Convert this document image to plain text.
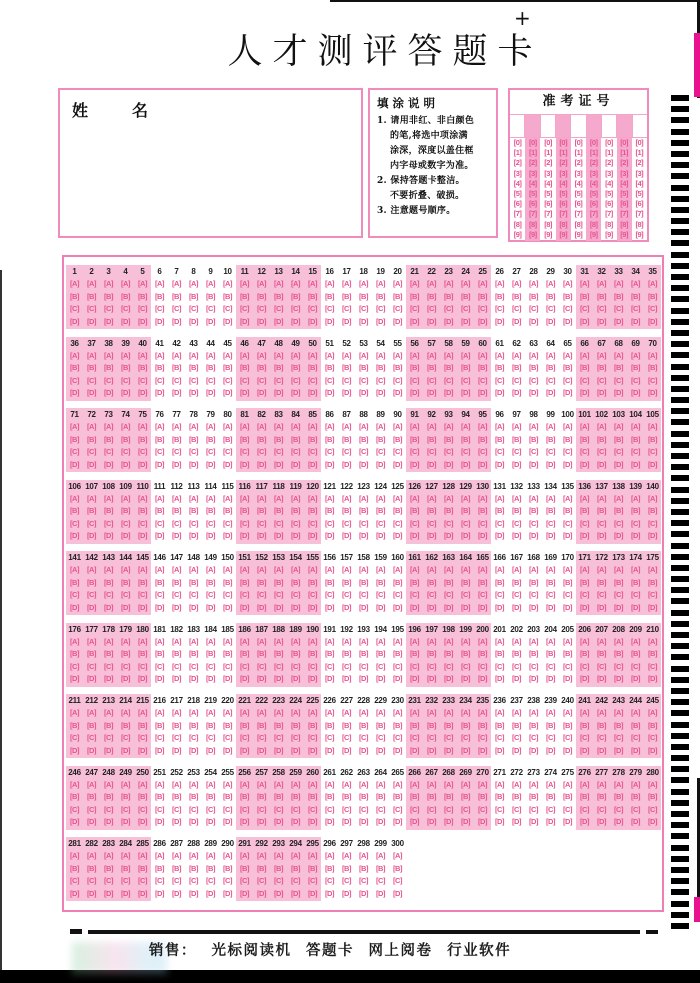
人才测评答题卡
+
姓	名	填涂说明
1. 请用非红、非白颜色
的笔,将选中项涂满
涂深，深度以盖住框
内字母或数字为准。
2. 保持答题卡整洁。
不要折叠、破损。
3. 注意题号顺序。
准考证号
[0]
[1]
[2]
[3]
[4]
[5]
[6]
[7]
[8]
[9]
[0]
[1]
[2]
[3]
[4]
[5]
[6]
[7]
[8]
[9]
[0]
[1]
[2]
[3]
[4]
[5]
[6]
[7]
[8]
[9]
[0]
[1]
[2]
[3]
[4]
[5]
[6]
[7]
[8]
[9]
[0]
[1]
[2]
[3]
[4]
[5]
[6]
[7]
[8]
[9]
[0]
[1]
[2]
[3]
[4]
[5]
[6]
[7]
[8]
[9]
[0]
[1]
[2]
[3]
[4]
[5]
[6]
[7]
[8]
[9]
[0]
[1]
[2]
[3]
[4]
[5]
[6]
[7]
[8]
[9]
[0]
[1]
[2]
[3]
[4]
[5]
[6]
[7]
[8]
[9]
1
[A]
[B]
[C]
[D]
2
[A]
[B]
[C]
[D]
3
[A]
[B]
[C]
[D]
4
[A]
[B]
[C]
[D]
5
[A]
[B]
[C]
[D]
6
[A]
[B]
[C]
[D]
7
[A]
[B]
[C]
[D]
8
[A]
[B]
[C]
[D]
9
[A]
[B]
[C]
[D]
10
[A]
[B]
[C]
[D]
11
[A]
[B]
[C]
[D]
12
[A]
[B]
[C]
[D]
13
[A]
[B]
[C]
[D]
14
[A]
[B]
[C]
[D]
15
[A]
[B]
[C]
[D]
16
[A]
[B]
[C]
[D]
17
[A]
[B]
[C]
[D]
18
[A]
[B]
[C]
[D]
19
[A]
[B]
[C]
[D]
20
[A]
[B]
[C]
[D]
21
[A]
[B]
[C]
[D]
22
[A]
[B]
[C]
[D]
23
[A]
[B]
[C]
[D]
24
[A]
[B]
[C]
[D]
25
[A]
[B]
[C]
[D]
26
[A]
[B]
[C]
[D]
27
[A]
[B]
[C]
[D]
28
[A]
[B]
[C]
[D]
29
[A]
[B]
[C]
[D]
30
[A]
[B]
[C]
[D]
31
[A]
[B]
[C]
[D]
32
[A]
[B]
[C]
[D]
33
[A]
[B]
[C]
[D]
34
[A]
[B]
[C]
[D]
35
[A]
[B]
[C]
[D]
36
[A]
[B]
[C]
[D]
37
[A]
[B]
[C]
[D]
38
[A]
[B]
[C]
[D]
39
[A]
[B]
[C]
[D]
40
[A]
[B]
[C]
[D]
41
[A]
[B]
[C]
[D]
42
[A]
[B]
[C]
[D]
43
[A]
[B]
[C]
[D]
44
[A]
[B]
[C]
[D]
45
[A]
[B]
[C]
[D]
46
[A]
[B]
[C]
[D]
47
[A]
[B]
[C]
[D]
48
[A]
[B]
[C]
[D]
49
[A]
[B]
[C]
[D]
50
[A]
[B]
[C]
[D]
51
[A]
[B]
[C]
[D]
52
[A]
[B]
[C]
[D]
53
[A]
[B]
[C]
[D]
54
[A]
[B]
[C]
[D]
55
[A]
[B]
[C]
[D]
56
[A]
[B]
[C]
[D]
57
[A]
[B]
[C]
[D]
58
[A]
[B]
[C]
[D]
59
[A]
[B]
[C]
[D]
60
[A]
[B]
[C]
[D]
61
[A]
[B]
[C]
[D]
62
[A]
[B]
[C]
[D]
63
[A]
[B]
[C]
[D]
64
[A]
[B]
[C]
[D]
65
[A]
[B]
[C]
[D]
66
[A]
[B]
[C]
[D]
67
[A]
[B]
[C]
[D]
68
[A]
[B]
[C]
[D]
69
[A]
[B]
[C]
[D]
70
[A]
[B]
[C]
[D]
71
[A]
[B]
[C]
[D]
72
[A]
[B]
[C]
[D]
73
[A]
[B]
[C]
[D]
74
[A]
[B]
[C]
[D]
75
[A]
[B]
[C]
[D]
76
[A]
[B]
[C]
[D]
77
[A]
[B]
[C]
[D]
78
[A]
[B]
[C]
[D]
79
[A]
[B]
[C]
[D]
80
[A]
[B]
[C]
[D]
81
[A]
[B]
[C]
[D]
82
[A]
[B]
[C]
[D]
83
[A]
[B]
[C]
[D]
84
[A]
[B]
[C]
[D]
85
[A]
[B]
[C]
[D]
86
[A]
[B]
[C]
[D]
87
[A]
[B]
[C]
[D]
88
[A]
[B]
[C]
[D]
89
[A]
[B]
[C]
[D]
90
[A]
[B]
[C]
[D]
91
[A]
[B]
[C]
[D]
92
[A]
[B]
[C]
[D]
93
[A]
[B]
[C]
[D]
94
[A]
[B]
[C]
[D]
95
[A]
[B]
[C]
[D]
96
[A]
[B]
[C]
[D]
97
[A]
[B]
[C]
[D]
98
[A]
[B]
[C]
[D]
99
[A]
[B]
[C]
[D]
100
[A]
[B]
[C]
[D]
101
[A]
[B]
[C]
[D]
102
[A]
[B]
[C]
[D]
103
[A]
[B]
[C]
[D]
104
[A]
[B]
[C]
[D]
105
[A]
[B]
[C]
[D]
106
[A]
[B]
[C]
[D]
107
[A]
[B]
[C]
[D]
108
[A]
[B]
[C]
[D]
109
[A]
[B]
[C]
[D]
110
[A]
[B]
[C]
[D]
111
[A]
[B]
[C]
[D]
112
[A]
[B]
[C]
[D]
113
[A]
[B]
[C]
[D]
114
[A]
[B]
[C]
[D]
115
[A]
[B]
[C]
[D]
116
[A]
[B]
[C]
[D]
117
[A]
[B]
[C]
[D]
118
[A]
[B]
[C]
[D]
119
[A]
[B]
[C]
[D]
120
[A]
[B]
[C]
[D]
121
[A]
[B]
[C]
[D]
122
[A]
[B]
[C]
[D]
123
[A]
[B]
[C]
[D]
124
[A]
[B]
[C]
[D]
125
[A]
[B]
[C]
[D]
126
[A]
[B]
[C]
[D]
127
[A]
[B]
[C]
[D]
128
[A]
[B]
[C]
[D]
129
[A]
[B]
[C]
[D]
130
[A]
[B]
[C]
[D]
131
[A]
[B]
[C]
[D]
132
[A]
[B]
[C]
[D]
133
[A]
[B]
[C]
[D]
134
[A]
[B]
[C]
[D]
135
[A]
[B]
[C]
[D]
136
[A]
[B]
[C]
[D]
137
[A]
[B]
[C]
[D]
138
[A]
[B]
[C]
[D]
139
[A]
[B]
[C]
[D]
140
[A]
[B]
[C]
[D]
141
[A]
[B]
[C]
[D]
142
[A]
[B]
[C]
[D]
143
[A]
[B]
[C]
[D]
144
[A]
[B]
[C]
[D]
145
[A]
[B]
[C]
[D]
146
[A]
[B]
[C]
[D]
147
[A]
[B]
[C]
[D]
148
[A]
[B]
[C]
[D]
149
[A]
[B]
[C]
[D]
150
[A]
[B]
[C]
[D]
151
[A]
[B]
[C]
[D]
152
[A]
[B]
[C]
[D]
153
[A]
[B]
[C]
[D]
154
[A]
[B]
[C]
[D]
155
[A]
[B]
[C]
[D]
156
[A]
[B]
[C]
[D]
157
[A]
[B]
[C]
[D]
158
[A]
[B]
[C]
[D]
159
[A]
[B]
[C]
[D]
160
[A]
[B]
[C]
[D]
161
[A]
[B]
[C]
[D]
162
[A]
[B]
[C]
[D]
163
[A]
[B]
[C]
[D]
164
[A]
[B]
[C]
[D]
165
[A]
[B]
[C]
[D]
166
[A]
[B]
[C]
[D]
167
[A]
[B]
[C]
[D]
168
[A]
[B]
[C]
[D]
169
[A]
[B]
[C]
[D]
170
[A]
[B]
[C]
[D]
171
[A]
[B]
[C]
[D]
172
[A]
[B]
[C]
[D]
173
[A]
[B]
[C]
[D]
174
[A]
[B]
[C]
[D]
175
[A]
[B]
[C]
[D]
176
[A]
[B]
[C]
[D]
177
[A]
[B]
[C]
[D]
178
[A]
[B]
[C]
[D]
179
[A]
[B]
[C]
[D]
180
[A]
[B]
[C]
[D]
181
[A]
[B]
[C]
[D]
182
[A]
[B]
[C]
[D]
183
[A]
[B]
[C]
[D]
184
[A]
[B]
[C]
[D]
185
[A]
[B]
[C]
[D]
186
[A]
[B]
[C]
[D]
187
[A]
[B]
[C]
[D]
188
[A]
[B]
[C]
[D]
189
[A]
[B]
[C]
[D]
190
[A]
[B]
[C]
[D]
191
[A]
[B]
[C]
[D]
192
[A]
[B]
[C]
[D]
193
[A]
[B]
[C]
[D]
194
[A]
[B]
[C]
[D]
195
[A]
[B]
[C]
[D]
196
[A]
[B]
[C]
[D]
197
[A]
[B]
[C]
[D]
198
[A]
[B]
[C]
[D]
199
[A]
[B]
[C]
[D]
200
[A]
[B]
[C]
[D]
201
[A]
[B]
[C]
[D]
202
[A]
[B]
[C]
[D]
203
[A]
[B]
[C]
[D]
204
[A]
[B]
[C]
[D]
205
[A]
[B]
[C]
[D]
206
[A]
[B]
[C]
[D]
207
[A]
[B]
[C]
[D]
208
[A]
[B]
[C]
[D]
209
[A]
[B]
[C]
[D]
210
[A]
[B]
[C]
[D]
211
[A]
[B]
[C]
[D]
212
[A]
[B]
[C]
[D]
213
[A]
[B]
[C]
[D]
214
[A]
[B]
[C]
[D]
215
[A]
[B]
[C]
[D]
216
[A]
[B]
[C]
[D]
217
[A]
[B]
[C]
[D]
218
[A]
[B]
[C]
[D]
219
[A]
[B]
[C]
[D]
220
[A]
[B]
[C]
[D]
221
[A]
[B]
[C]
[D]
222
[A]
[B]
[C]
[D]
223
[A]
[B]
[C]
[D]
224
[A]
[B]
[C]
[D]
225
[A]
[B]
[C]
[D]
226
[A]
[B]
[C]
[D]
227
[A]
[B]
[C]
[D]
228
[A]
[B]
[C]
[D]
229
[A]
[B]
[C]
[D]
230
[A]
[B]
[C]
[D]
231
[A]
[B]
[C]
[D]
232
[A]
[B]
[C]
[D]
233
[A]
[B]
[C]
[D]
234
[A]
[B]
[C]
[D]
235
[A]
[B]
[C]
[D]
236
[A]
[B]
[C]
[D]
237
[A]
[B]
[C]
[D]
238
[A]
[B]
[C]
[D]
239
[A]
[B]
[C]
[D]
240
[A]
[B]
[C]
[D]
241
[A]
[B]
[C]
[D]
242
[A]
[B]
[C]
[D]
243
[A]
[B]
[C]
[D]
244
[A]
[B]
[C]
[D]
245
[A]
[B]
[C]
[D]
246
[A]
[B]
[C]
[D]
247
[A]
[B]
[C]
[D]
248
[A]
[B]
[C]
[D]
249
[A]
[B]
[C]
[D]
250
[A]
[B]
[C]
[D]
251
[A]
[B]
[C]
[D]
252
[A]
[B]
[C]
[D]
253
[A]
[B]
[C]
[D]
254
[A]
[B]
[C]
[D]
255
[A]
[B]
[C]
[D]
256
[A]
[B]
[C]
[D]
257
[A]
[B]
[C]
[D]
258
[A]
[B]
[C]
[D]
259
[A]
[B]
[C]
[D]
260
[A]
[B]
[C]
[D]
261
[A]
[B]
[C]
[D]
262
[A]
[B]
[C]
[D]
263
[A]
[B]
[C]
[D]
264
[A]
[B]
[C]
[D]
265
[A]
[B]
[C]
[D]
266
[A]
[B]
[C]
[D]
267
[A]
[B]
[C]
[D]
268
[A]
[B]
[C]
[D]
269
[A]
[B]
[C]
[D]
270
[A]
[B]
[C]
[D]
271
[A]
[B]
[C]
[D]
272
[A]
[B]
[C]
[D]
273
[A]
[B]
[C]
[D]
274
[A]
[B]
[C]
[D]
275
[A]
[B]
[C]
[D]
276
[A]
[B]
[C]
[D]
277
[A]
[B]
[C]
[D]
278
[A]
[B]
[C]
[D]
279
[A]
[B]
[C]
[D]
280
[A]
[B]
[C]
[D]
281
[A]
[B]
[C]
[D]
282
[A]
[B]
[C]
[D]
283
[A]
[B]
[C]
[D]
284
[A]
[B]
[C]
[D]
285
[A]
[B]
[C]
[D]
286
[A]
[B]
[C]
[D]
287
[A]
[B]
[C]
[D]
288
[A]
[B]
[C]
[D]
289
[A]
[B]
[C]
[D]
290
[A]
[B]
[C]
[D]
291
[A]
[B]
[C]
[D]
292
[A]
[B]
[C]
[D]
293
[A]
[B]
[C]
[D]
294
[A]
[B]
[C]
[D]
295
[A]
[B]
[C]
[D]
296
[A]
[B]
[C]
[D]
297
[A]
[B]
[C]
[D]
298
[A]
[B]
[C]
[D]
299
[A]
[B]
[C]
[D]
300
[A]
[B]
[C]
[D]
销售： 光标阅读机 答题卡 网上阅卷 行业软件
